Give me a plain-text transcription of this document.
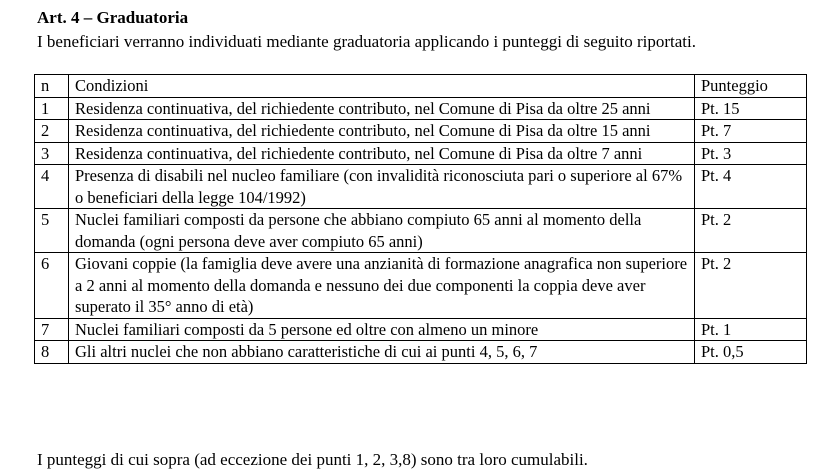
Art. 4 – Graduatoria
I beneficiari verranno individuati mediante graduatoria applicando i punteggi di seguito riportati.
n	Condizioni	Punteggio
1	Residenza continuativa, del richiedente contributo, nel Comune di Pisa da oltre 25 anni	Pt. 15
2	Residenza continuativa, del richiedente contributo, nel Comune di Pisa da oltre 15 anni	Pt. 7
3	Residenza continuativa, del richiedente contributo, nel Comune di Pisa da oltre 7 anni	Pt. 3
4	Presenza di disabili nel nucleo familiare (con invalidità riconosciuta pari o superiore al 67% o beneficiari della legge 104/1992)	Pt. 4
5	Nuclei familiari composti da persone che abbiano compiuto 65 anni al momento della domanda (ogni persona deve aver compiuto 65 anni)	Pt. 2
6	Giovani coppie (la famiglia deve avere una anzianità di formazione anagrafica non superiore a 2 anni al momento della domanda e nessuno dei due componenti la coppia deve aver superato il 35° anno di età)	Pt. 2
7	Nuclei familiari composti da 5 persone ed oltre con almeno un minore	Pt. 1
8	Gli altri nuclei che non abbiano caratteristiche di cui ai punti 4, 5, 6, 7	Pt. 0,5
I punteggi di cui sopra (ad eccezione dei punti 1, 2, 3,8) sono tra loro cumulabili.
